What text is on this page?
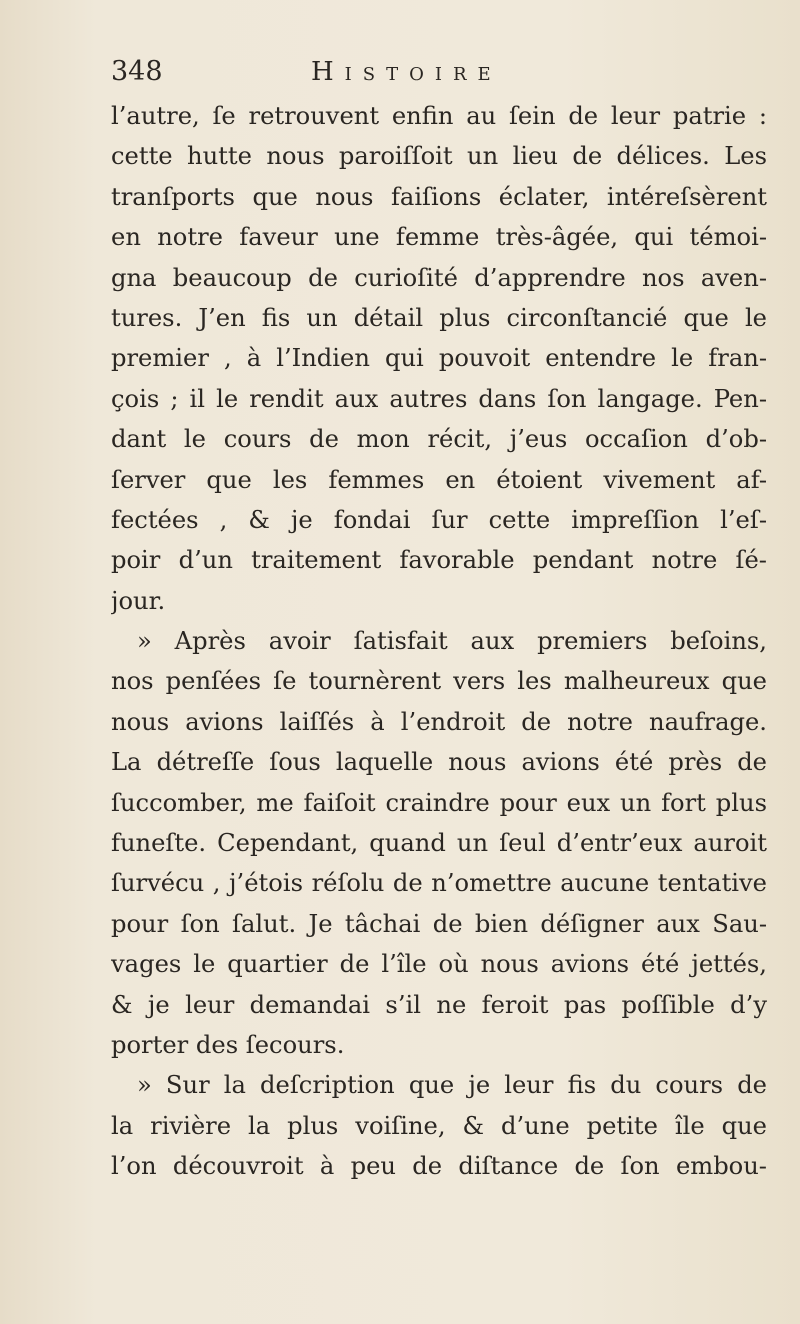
348	Histoire
l’autre, ſe retrouvent enfin au ſein de leur patrie :
cette hutte nous paroiſſoit un lieu de délices. Les
tranſports que nous faiſions éclater, intéreſsèrent
en notre faveur une femme très-âgée, qui témoi-
gna beaucoup de curioſité d’apprendre nos aven-
tures. J’en fis un détail plus circonſtancié que le
premier , à l’Indien qui pouvoit entendre le fran-
çois ; il le rendit aux autres dans ſon langage. Pen-
dant le cours de mon récit, j’eus occaſion d’ob-
ſerver que les femmes en étoient vivement af-
fectées , & je fondai ſur cette impreſſion l’eſ-
poir d’un traitement favorable pendant notre ſé-
jour.
» Après avoir ſatisfait aux premiers beſoins,
nos penſées ſe tournèrent vers les malheureux que
nous avions laiſſés à l’endroit de notre naufrage.
La détreſſe ſous laquelle nous avions été près de
ſuccomber, me faiſoit craindre pour eux un fort plus
funeſte. Cependant, quand un ſeul d’entr’eux auroit
ſurvécu , j’étois réſolu de n’omettre aucune tentative
pour ſon ſalut. Je tâchai de bien déſigner aux Sau-
vages le quartier de l’île où nous avions été jettés,
& je leur demandai s’il ne feroit pas poſſible d’y
porter des ſecours.
» Sur la deſcription que je leur fis du cours de
la rivière la plus voiſine, & d’une petite île que
l’on découvroit à peu de diſtance de ſon embou-
